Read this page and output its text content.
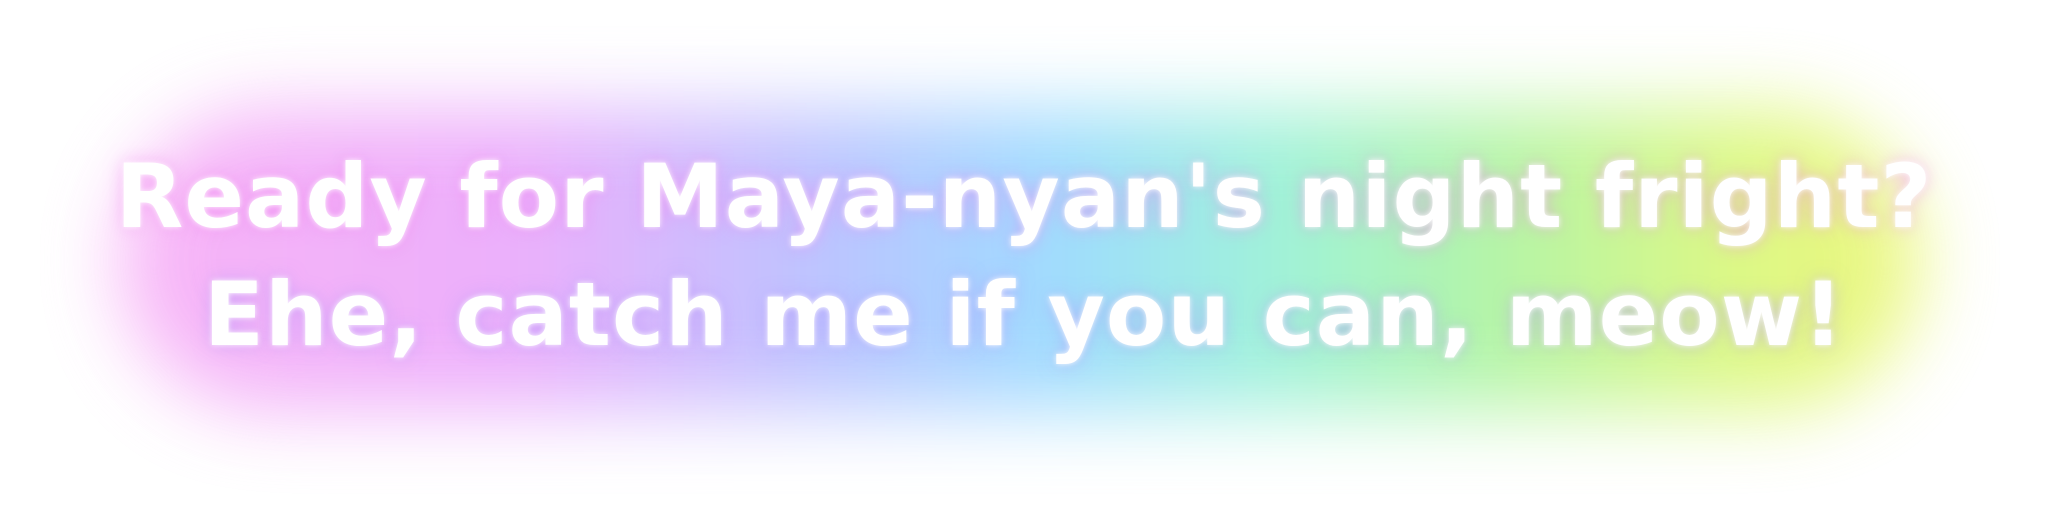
Ready for Maya-nyan's night fright?
Ehe, catch me if you can, meow!
